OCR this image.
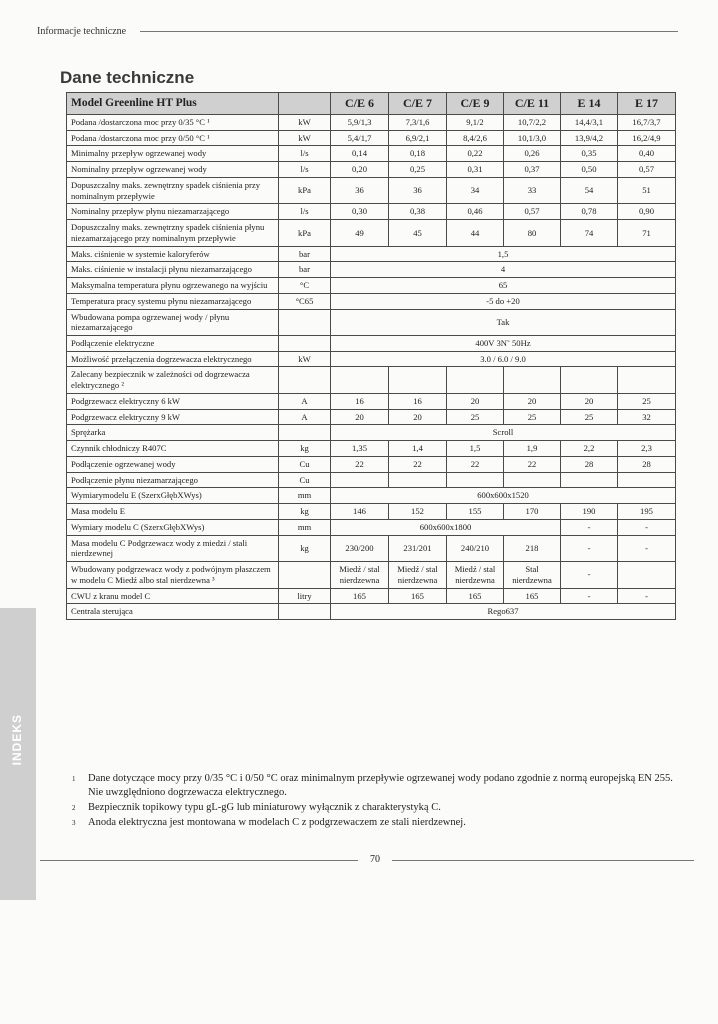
Informacje techniczne
Dane techniczne
Model Greenline HT Plus		C/E 6	C/E 7	C/E 9	C/E 11	E 14	E 17
Podana /dostarczona moc przy 0/35 °C ¹	kW	5,9/1,3	7,3/1,6	9,1/2	10,7/2,2	14,4/3,1	16,7/3,7
Podana /dostarczona moc przy 0/50 °C ¹	kW	5,4/1,7	6,9/2,1	8,4/2,6	10,1/3,0	13,9/4,2	16,2/4,9
Minimalny przepływ ogrzewanej wody	l/s	0,14	0,18	0,22	0,26	0,35	0,40
Nominalny przepływ ogrzewanej wody	l/s	0,20	0,25	0,31	0,37	0,50	0,57
Dopuszczalny maks. zewnętrzny spadek ciśnienia przy nominalnym przepływie	kPa	36	36	34	33	54	51
Nominalny przepływ płynu niezamarzającego	l/s	0,30	0,38	0,46	0,57	0,78	0,90
Dopuszczalny maks. zewnętrzny spadek ciśnienia płynu niezamarzającego przy nominalnym przepływie	kPa	49	45	44	80	74	71
Maks. ciśnienie w systemie kaloryferów	bar	1,5					
Maks. ciśnienie w instalacji płynu niezamarzającego	bar	4					
Maksymalna temperatura płynu ogrzewanego na wyjściu	°C	65					
Temperatura pracy systemu płynu niezamarzającego	°C65	-5 do +20					
Wbudowana pompa ogrzewanej wody / płynu niezamarzającego		Tak					
Podłączenie elektryczne		400V 3N˜ 50Hz					
Możliwość przełączenia dogrzewacza elektrycznego	kW	3.0 / 6.0 / 9.0					
Zalecany bezpiecznik w zależności od dogrzewacza elektrycznego ²							
Podgrzewacz elektryczny 6 kW	A	16	16	20	20	20	25
Podgrzewacz elektryczny 9 kW	A	20	20	25	25	25	32
Sprężarka		Scroll					
Czynnik chłodniczy R407C	kg	1,35	1,4	1,5	1,9	2,2	2,3
Podłączenie ogrzewanej wody	Cu	22	22	22	22	28	28
Podłączenie płynu niezamarzającego	Cu						
Wymiarymodelu E (SzerxGłębXWys)	mm	600x600x1520					
Masa modelu E	kg	146	152	155	170	190	195
Wymiary modelu C (SzerxGłębXWys)	mm	600x600x1800				-	-
Masa modelu C Podgrzewacz wody z miedzi / stali nierdzewnej	kg	230/200	231/201	240/210	218	-	-
Wbudowany podgrzewacz wody z podwójnym płaszczem w modelu C Miedź albo stal nierdzewna ³		Miedź / stal nierdzewna	Miedź / stal nierdzewna	Miedź / stal nierdzewna	Stal nierdzewna	-	
CWU z kranu model C	litry	165	165	165	165	-	-
Centrala sterująca		Rego637					
1	Dane dotyczące mocy przy 0/35 °C i 0/50 °C oraz minimalnym przepływie ogrzewanej wody podano zgodnie z normą europejską EN 255. Nie uwzględniono dogrzewacza elektrycznego.
2	Bezpiecznik topikowy typu gL-gG lub miniaturowy wyłącznik z charakterystyką C.
3	Anoda elektryczna jest montowana w modelach C z podgrzewaczem ze stali nierdzewnej.
70
INDEKS
